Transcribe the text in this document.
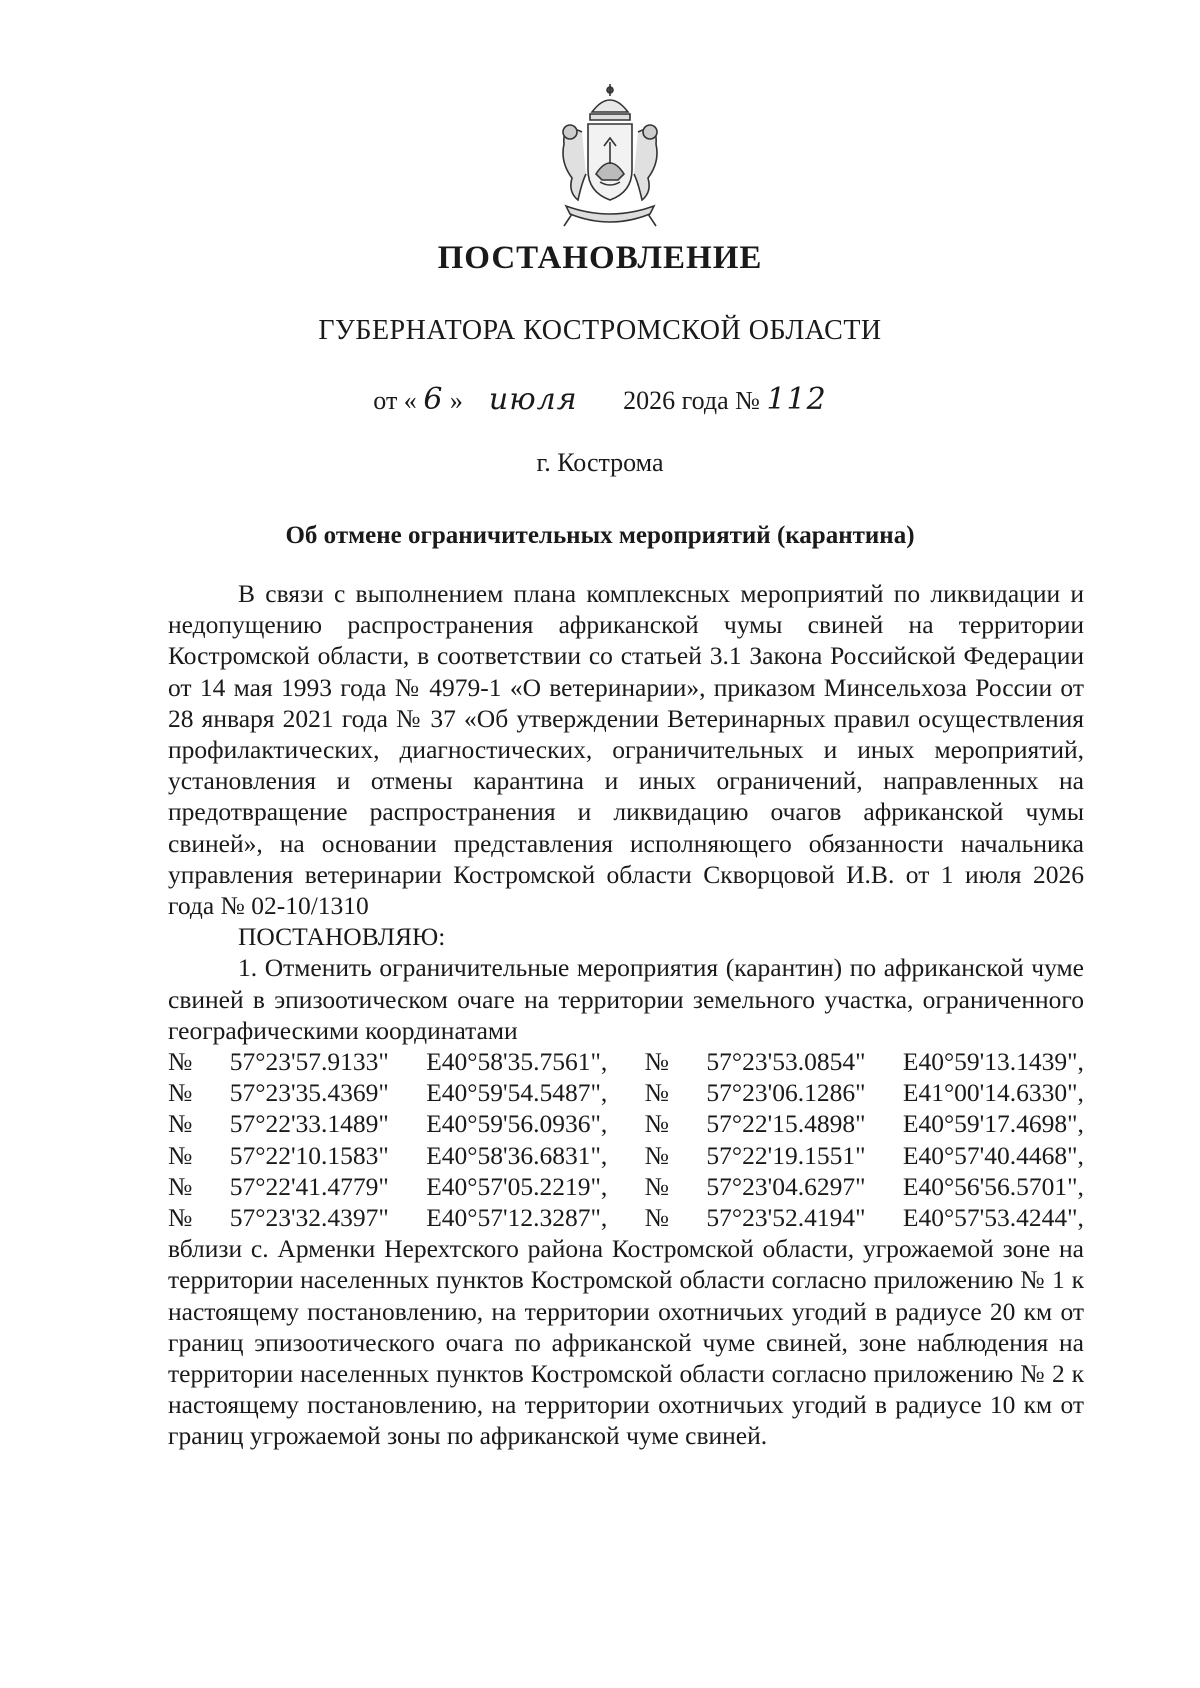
ПОСТАНОВЛЕНИЕ
ГУБЕРНАТОРА КОСТРОМСКОЙ ОБЛАСТИ
от « 6 » июля 2026 года № 112
г. Кострома
Об отмене ограничительных мероприятий (карантина)

В связи с выполнением плана комплексных мероприятий по ликвидации и недопущению распространения африканской чумы свиней на территории Костромской области, в соответствии со статьей 3.1 Закона Российской Федерации от 14 мая 1993 года № 4979-1 «О ветеринарии», приказом Минсельхоза России от 28 января 2021 года № 37 «Об утверждении Ветеринарных правил осуществления профилактических, диагностических, ограничительных и иных мероприятий, установления и отмены карантина и иных ограничений, направленных на предотвращение распространения и ликвидацию очагов африканской чумы свиней», на основании представления исполняющего обязанности начальника управления ветеринарии Костромской области Скворцовой И.В. от 1 июля 2026 года № 02-10/1310

ПОСТАНОВЛЯЮ:

1. Отменить ограничительные мероприятия (карантин) по африканской чуме свиней в эпизоотическом очаге на территории земельного участка, ограниченного географическими координатами

№ 57°23'57.9133" E40°58'35.7561", № 57°23'53.0854" E40°59'13.1439",
№ 57°23'35.4369" E40°59'54.5487", № 57°23'06.1286" E41°00'14.6330",
№ 57°22'33.1489" E40°59'56.0936", № 57°22'15.4898" E40°59'17.4698",
№ 57°22'10.1583" E40°58'36.6831", № 57°22'19.1551" E40°57'40.4468",
№ 57°22'41.4779" E40°57'05.2219", № 57°23'04.6297" E40°56'56.5701",
№ 57°23'32.4397" E40°57'12.3287", № 57°23'52.4194" E40°57'53.4244",

вблизи с. Арменки Нерехтского района Костромской области, угрожаемой зоне на территории населенных пунктов Костромской области согласно приложению № 1 к настоящему постановлению, на территории охотничьих угодий в радиусе 20 км от границ эпизоотического очага по африканской чуме свиней, зоне наблюдения на территории населенных пунктов Костромской области согласно приложению № 2 к настоящему постановлению, на территории охотничьих угодий в радиусе 10 км от границ угрожаемой зоны по африканской чуме свиней.
